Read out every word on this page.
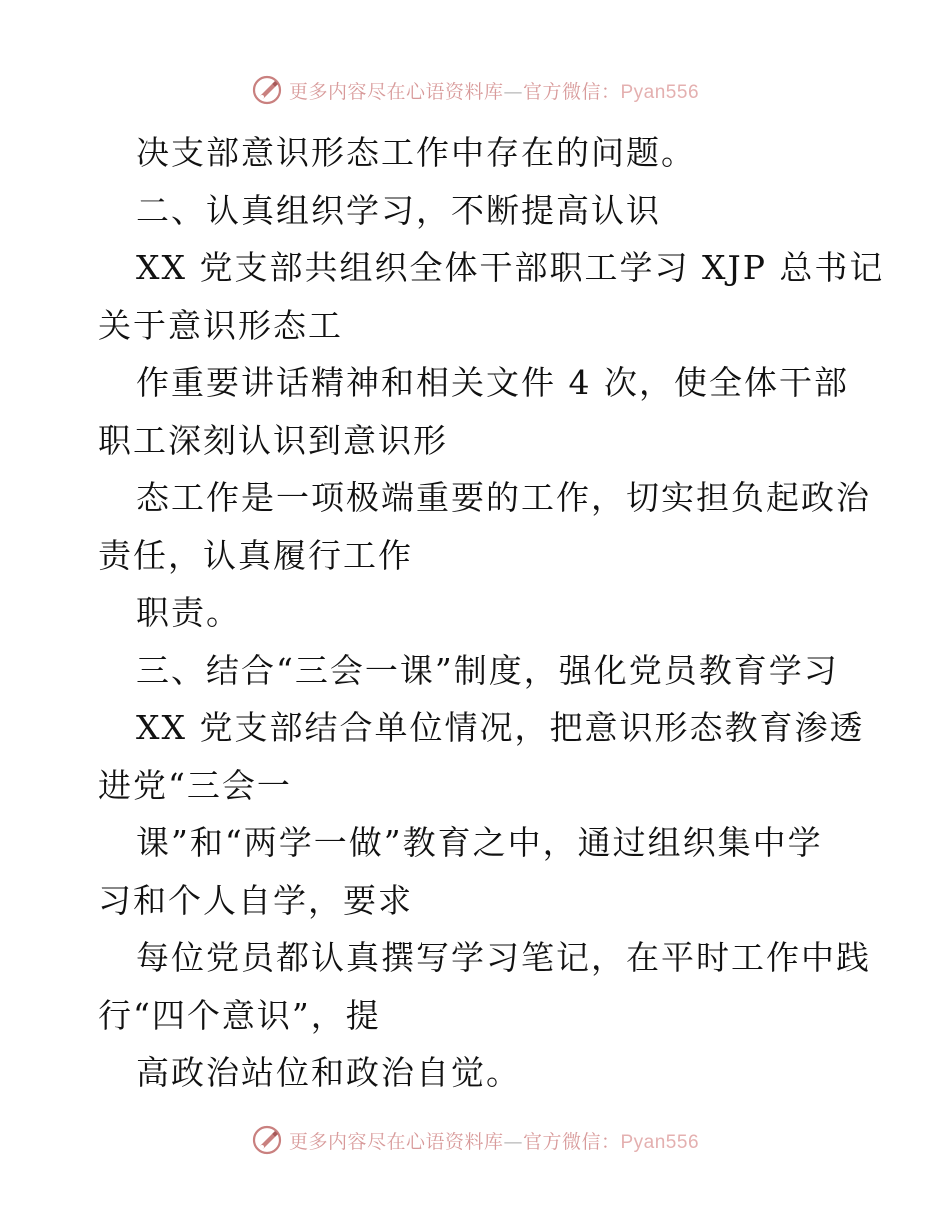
更多内容尽在心语资料库—官方微信：Pyan556
决支部意识形态工作中存在的问题。
二、认真组织学习，不断提高认识
XX 党支部共组织全体干部职工学习 XJP 总书记
关于意识形态工
作重要讲话精神和相关文件 4 次，使全体干部
职工深刻认识到意识形
态工作是一项极端重要的工作，切实担负起政治
责任，认真履行工作
职责。
三、结合“三会一课”制度，强化党员教育学习
XX 党支部结合单位情况，把意识形态教育渗透
进党“三会一
课”和“两学一做”教育之中，通过组织集中学
习和个人自学，要求
每位党员都认真撰写学习笔记，在平时工作中践
行“四个意识”，提
高政治站位和政治自觉。
更多内容尽在心语资料库—官方微信：Pyan556
